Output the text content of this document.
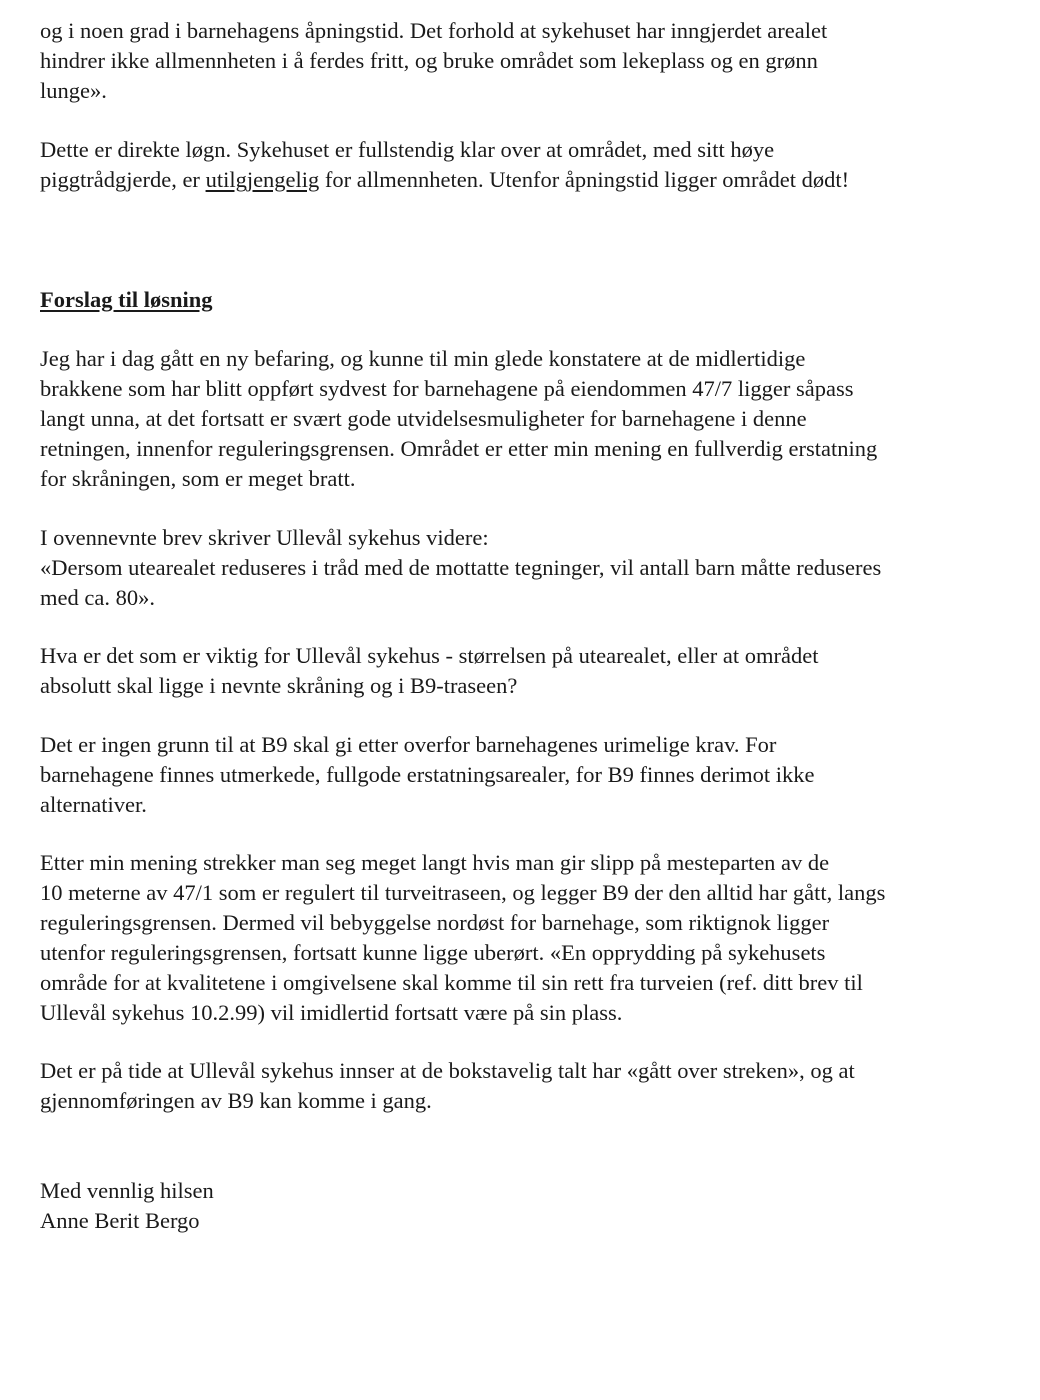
og i noen grad i barnehagens åpningstid. Det forhold at sykehuset har inngjerdet arealet
hindrer ikke allmennheten i å ferdes fritt, og bruke området som lekeplass og en grønn
lunge».

Dette er direkte løgn. Sykehuset er fullstendig klar over at området, med sitt høye
piggtrådgjerde, er utilgjengelig for allmennheten. Utenfor åpningstid ligger området dødt!

Forslag til løsning

Jeg har i dag gått en ny befaring, og kunne til min glede konstatere at de midlertidige
brakkene som har blitt oppført sydvest for barnehagene på eiendommen 47/7 ligger såpass
langt unna, at det fortsatt er svært gode utvidelsesmuligheter for barnehagene i denne
retningen, innenfor reguleringsgrensen. Området er etter min mening en fullverdig erstatning
for skråningen, som er meget bratt.

I ovennevnte brev skriver Ullevål sykehus videre:
«Dersom utearealet reduseres i tråd med de mottatte tegninger, vil antall barn måtte reduseres
med ca. 80».

Hva er det som er viktig for Ullevål sykehus - størrelsen på utearealet, eller at området
absolutt skal ligge i nevnte skråning og i B9-traseen?

Det er ingen grunn til at B9 skal gi etter overfor barnehagenes urimelige krav. For
barnehagene finnes utmerkede, fullgode erstatningsarealer, for B9 finnes derimot ikke
alternativer.

Etter min mening strekker man seg meget langt hvis man gir slipp på mesteparten av de
10 meterne av 47/1 som er regulert til turveitraseen, og legger B9 der den alltid har gått, langs
reguleringsgrensen. Dermed vil bebyggelse nordøst for barnehage, som riktignok ligger
utenfor reguleringsgrensen, fortsatt kunne ligge uberørt. «En opprydding på sykehusets
område for at kvalitetene i omgivelsene skal komme til sin rett fra turveien (ref. ditt brev til
Ullevål sykehus 10.2.99) vil imidlertid fortsatt være på sin plass.

Det er på tide at Ullevål sykehus innser at de bokstavelig talt har «gått over streken», og at
gjennomføringen av B9 kan komme i gang.

Med vennlig hilsen
Anne Berit Bergo
